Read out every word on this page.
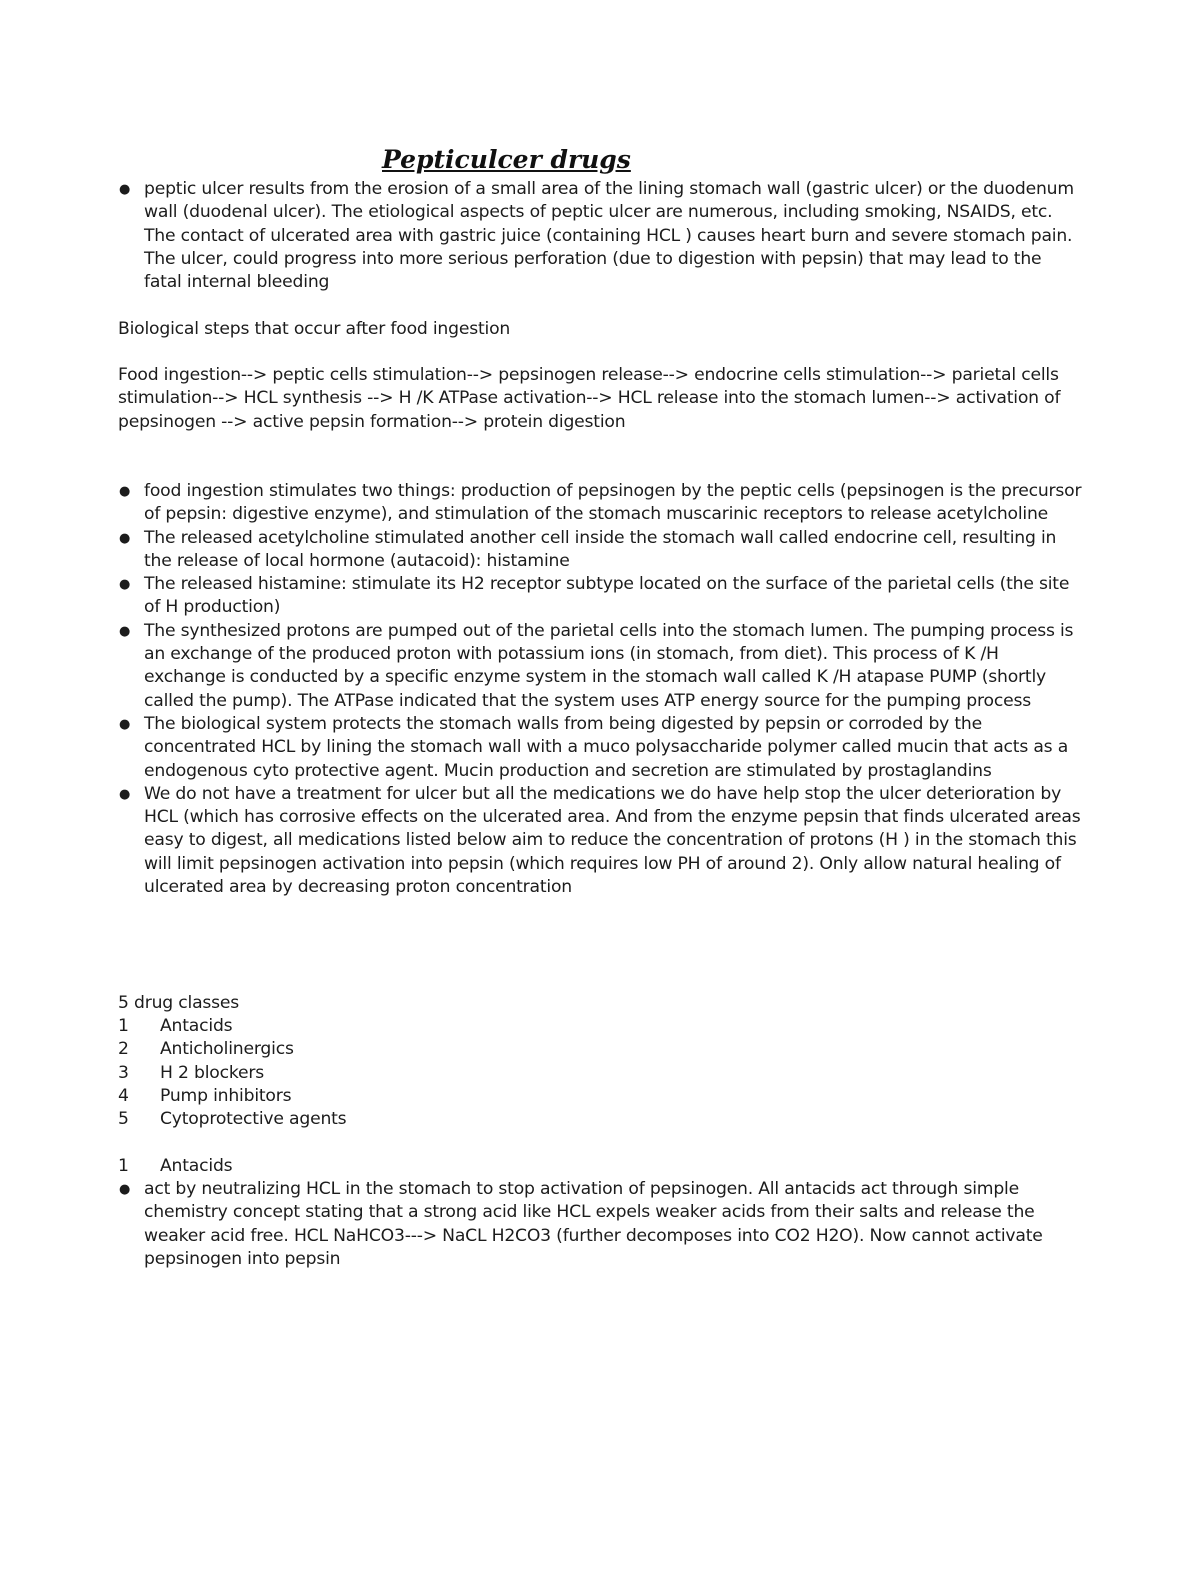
Pepticulcer drugs
● peptic ulcer results from the erosion of a small area of the lining stomach wall (gastric ulcer) or the duodenum wall (duodenal ulcer). The etiological aspects of peptic ulcer are numerous, including smoking, NSAIDS, etc. The contact of ulcerated area with gastric juice (containing HCL ) causes heart burn and severe stomach pain. The ulcer, could progress into more serious perforation (due to digestion with pepsin) that may lead to the fatal internal bleeding

Biological steps that occur after food ingestion

Food ingestion--> peptic cells stimulation--> pepsinogen release--> endocrine cells stimulation--> parietal cells stimulation--> HCL synthesis --> H /K ATPase activation--> HCL release into the stomach lumen--> activation of pepsinogen --> active pepsin formation--> protein digestion

● food ingestion stimulates two things: production of pepsinogen by the peptic cells (pepsinogen is the precursor of pepsin: digestive enzyme), and stimulation of the stomach muscarinic receptors to release acetylcholine
● The released acetylcholine stimulated another cell inside the stomach wall called endocrine cell, resulting in the release of local hormone (autacoid): histamine
● The released histamine: stimulate its H2 receptor subtype located on the surface of the parietal cells (the site of H production)
● The synthesized protons are pumped out of the parietal cells into the stomach lumen. The pumping process is an exchange of the produced proton with potassium ions (in stomach, from diet). This process of K /H exchange is conducted by a specific enzyme system in the stomach wall called K /H atapase PUMP (shortly called the pump). The ATPase indicated that the system uses ATP energy source for the pumping process
● The biological system protects the stomach walls from being digested by pepsin or corroded by the concentrated HCL by lining the stomach wall with a muco polysaccharide polymer called mucin that acts as a endogenous cyto protective agent. Mucin production and secretion are stimulated by prostaglandins
● We do not have a treatment for ulcer but all the medications we do have help stop the ulcer deterioration by HCL (which has corrosive effects on the ulcerated area. And from the enzyme pepsin that finds ulcerated areas easy to digest, all medications listed below aim to reduce the concentration of protons (H ) in the stomach this will limit pepsinogen activation into pepsin (which requires low PH of around 2). Only allow natural healing of ulcerated area by decreasing proton concentration

5 drug classes

1 Antacids
2 Anticholinergics
3 H 2 blockers
4 Pump inhibitors
5 Cytoprotective agents
1 Antacids
● act by neutralizing HCL in the stomach to stop activation of pepsinogen. All antacids act through simple chemistry concept stating that a strong acid like HCL expels weaker acids from their salts and release the weaker acid free. HCL NaHCO3---> NaCL H2CO3 (further decomposes into CO2 H2O). Now cannot activate pepsinogen into pepsin
